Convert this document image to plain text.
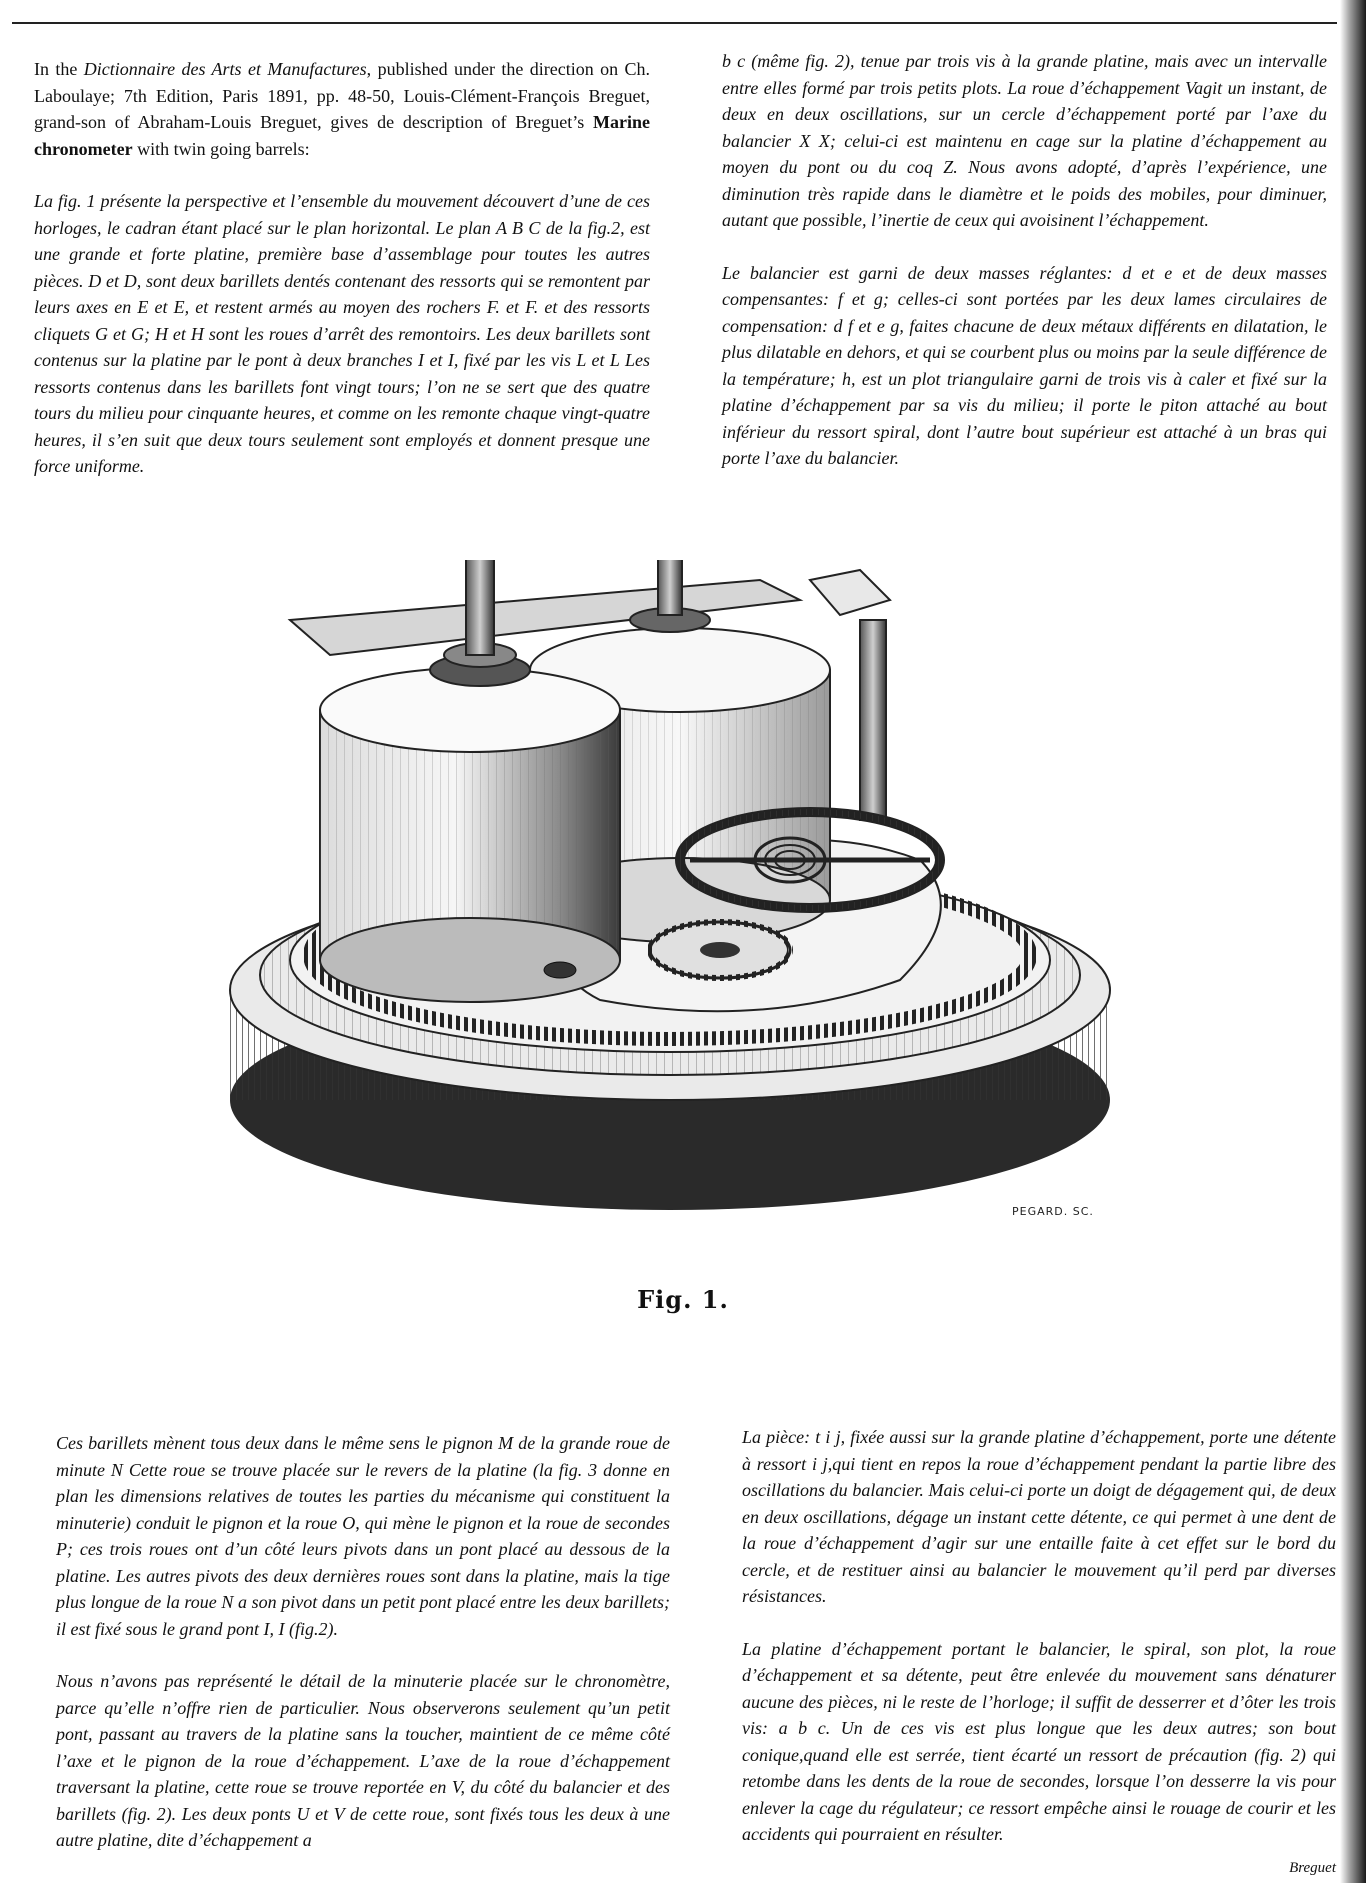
In the Dictionnaire des Arts et Manufactures, published under the direction on Ch. Laboulaye; 7th Edition, Paris 1891, pp. 48-50, Louis-Clément-François Breguet, grand-son of Abraham-Louis Breguet, gives de description of Breguet’s Marine chronometer with twin going barrels:

La fig. 1 présente la perspective et l’ensemble du mouvement découvert d’une de ces horloges, le cadran étant placé sur le plan horizontal. Le plan A B C de la fig.2, est une grande et forte platine, première base d’assemblage pour toutes les autres pièces. D et D, sont deux barillets dentés contenant des ressorts qui se remontent par leurs axes en E et E, et restent armés au moyen des rochers F. et F. et des ressorts cliquets G et G; H et H sont les roues d’arrêt des remontoirs. Les deux barillets sont contenus sur la platine par le pont à deux branches I et I, fixé par les vis L et L Les ressorts contenus dans les barillets font vingt tours; l’on ne se sert que des quatre tours du milieu pour cinquante heures, et comme on les remonte chaque vingt-quatre heures, il s’en suit que deux tours seulement sont employés et donnent presque une force uniforme.

b c (même fig. 2), tenue par trois vis à la grande platine, mais avec un intervalle entre elles formé par trois petits plots. La roue d’échappement Vagit un instant, de deux en deux oscillations, sur un cercle d’échappement porté par l’axe du balancier X X; celui-ci est maintenu en cage sur la platine d’échappement au moyen du pont ou du coq Z. Nous avons adopté, d’après l’expérience, une diminution très rapide dans le diamètre et le poids des mobiles, pour diminuer, autant que possible, l’inertie de ceux qui avoisinent l’échappement.

Le balancier est garni de deux masses réglantes: d et e et de deux masses compensantes: f et g; celles-ci sont portées par les deux lames circulaires de compensation: d f et e g, faites chacune de deux métaux différents en dilatation, le plus dilatable en dehors, et qui se courbent plus ou moins par la seule différence de la température; h, est un plot triangulaire garni de trois vis à caler et fixé sur la platine d’échappement par sa vis du milieu; il porte le piton attaché au bout inférieur du ressort spiral, dont l’autre bout supérieur est attaché à un bras qui porte l’axe du balancier.

PEGARD. SC.
Fig. 1.

Ces barillets mènent tous deux dans le même sens le pignon M de la grande roue de minute N Cette roue se trouve placée sur le revers de la platine (la fig. 3 donne en plan les dimensions relatives de toutes les parties du mécanisme qui constituent la minuterie) conduit le pignon et la roue O, qui mène le pignon et la roue de secondes P; ces trois roues ont d’un côté leurs pivots dans un pont placé au dessous de la platine. Les autres pivots des deux dernières roues sont dans la platine, mais la tige plus longue de la roue N a son pivot dans un petit pont placé entre les deux barillets; il est fixé sous le grand pont I, I (fig.2).

Nous n’avons pas représenté le détail de la minuterie placée sur le chronomètre, parce qu’elle n’offre rien de particulier. Nous observerons seulement qu’un petit pont, passant au travers de la platine sans la toucher, maintient de ce même côté l’axe et le pignon de la roue d’échappement. L’axe de la roue d’échappement traversant la platine, cette roue se trouve reportée en V, du côté du balancier et des barillets (fig. 2). Les deux ponts U et V de cette roue, sont fixés tous les deux à une autre platine, dite d’échappement a

La pièce: t i j, fixée aussi sur la grande platine d’échappement, porte une détente à ressort i j,qui tient en repos la roue d’échappement pendant la partie libre des oscillations du balancier. Mais celui-ci porte un doigt de dégagement qui, de deux en deux oscillations, dégage un instant cette détente, ce qui permet à une dent de la roue d’échappement d’agir sur une entaille faite à cet effet sur le bord du cercle, et de restituer ainsi au balancier le mouvement qu’il perd par diverses résistances.

La platine d’échappement portant le balancier, le spiral, son plot, la roue d’échappement et sa détente, peut être enlevée du mouvement sans dénaturer aucune des pièces, ni le reste de l’horloge; il suffit de desserrer et d’ôter les trois vis: a b c. Un de ces vis est plus longue que les deux autres; son bout conique,quand elle est serrée, tient écarté un ressort de précaution (fig. 2) qui retombe dans les dents de la roue de secondes, lorsque l’on desserre la vis pour enlever la cage du régulateur; ce ressort empêche ainsi le rouage de courir et les accidents qui pourraient en résulter.

Breguet
